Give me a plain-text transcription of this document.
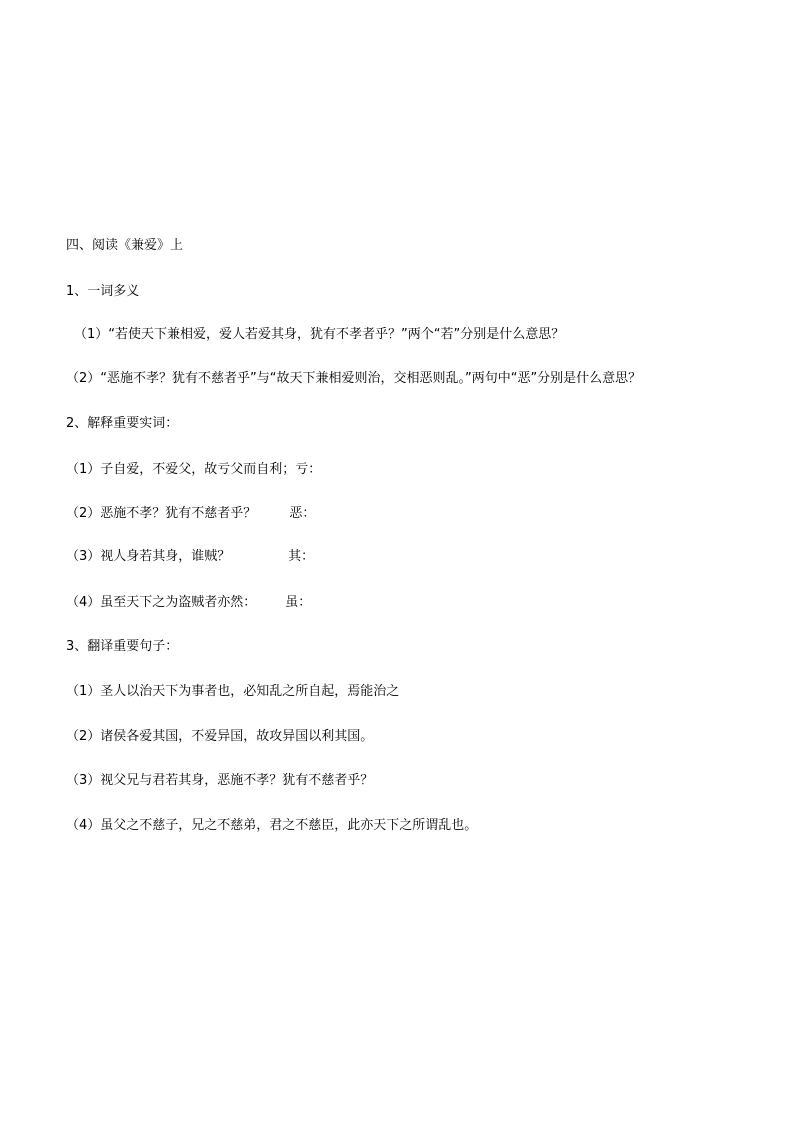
四、阅读《兼爱》上
1、一词多义
（1）“若使天下兼相爱，爱人若爱其身，犹有不孝者乎？”两个“若”分别是什么意思？
（2）“恶施不孝？犹有不慈者乎”与“故天下兼相爱则治，交相恶则乱。”两句中“恶”分别是什么意思？
2、解释重要实词：
（1）子自爱，不爱父，故亏父而自利；亏：
（2）恶施不孝？犹有不慈者乎？        恶：
（3）视人身若其身，谁贼？              其：
（4）虽至天下之为盗贼者亦然：       虽：
3、翻译重要句子：
（1）圣人以治天下为事者也，必知乱之所自起，焉能治之
（2）诸侯各爱其国，不爱异国，故攻异国以利其国。
（3）视父兄与君若其身，恶施不孝？犹有不慈者乎？
（4）虽父之不慈子，兄之不慈弟，君之不慈臣，此亦天下之所谓乱也。
